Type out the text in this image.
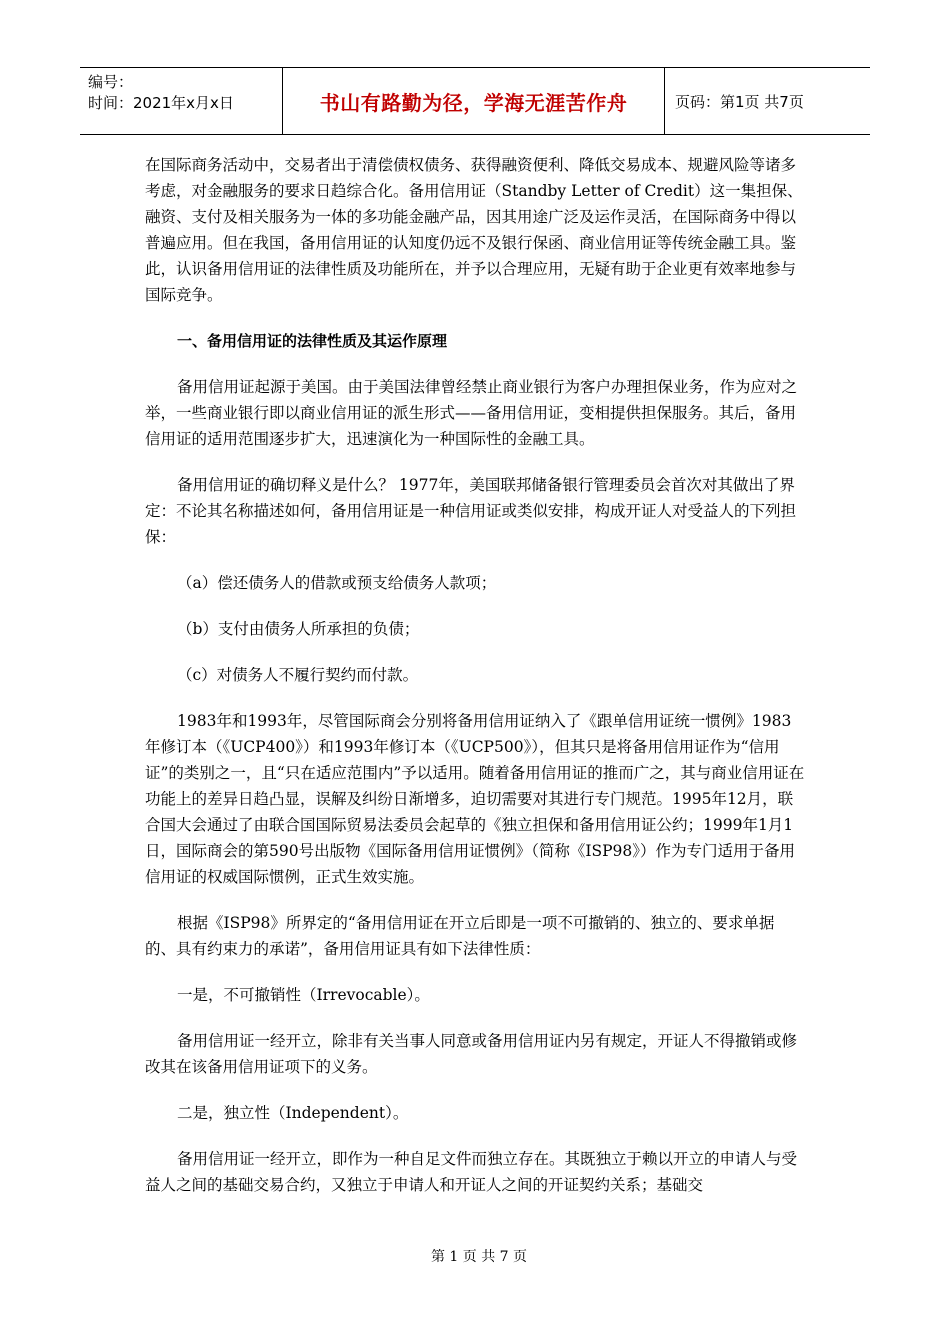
编号：
时间：2021年x月x日	书山有路勤为径，学海无涯苦作舟	页码：第1页 共7页

在国际商务活动中，交易者出于清偿债权债务、获得融资便利、降低交易成本、规避风险等诸多考虑，对金融服务的要求日趋综合化。备用信用证（Standby Letter of Credit）这一集担保、融资、支付及相关服务为一体的多功能金融产品，因其用途广泛及运作灵活，在国际商务中得以普遍应用。但在我国，备用信用证的认知度仍远不及银行保函、商业信用证等传统金融工具。鉴此，认识备用信用证的法律性质及功能所在，并予以合理应用，无疑有助于企业更有效率地参与国际竞争。

一、备用信用证的法律性质及其运作原理

备用信用证起源于美国。由于美国法律曾经禁止商业银行为客户办理担保业务，作为应对之举，一些商业银行即以商业信用证的派生形式——备用信用证，变相提供担保服务。其后，备用信用证的适用范围逐步扩大，迅速演化为一种国际性的金融工具。

备用信用证的确切释义是什么？ 1977年，美国联邦储备银行管理委员会首次对其做出了界定：不论其名称描述如何，备用信用证是一种信用证或类似安排，构成开证人对受益人的下列担保：

（a）偿还债务人的借款或预支给债务人款项；

（b）支付由债务人所承担的负债；

（c）对债务人不履行契约而付款。

1983年和1993年，尽管国际商会分别将备用信用证纳入了《跟单信用证统一惯例》1983年修订本（《UCP400》）和1993年修订本（《UCP500》），但其只是将备用信用证作为“信用证”的类别之一，且“只在适应范围内”予以适用。随着备用信用证的推而广之，其与商业信用证在功能上的差异日趋凸显，误解及纠纷日渐增多，迫切需要对其进行专门规范。1995年12月，联合国大会通过了由联合国国际贸易法委员会起草的《独立担保和备用信用证公约；1999年1月1日，国际商会的第590号出版物《国际备用信用证惯例》（简称《ISP98》）作为专门适用于备用信用证的权威国际惯例，正式生效实施。

根据《ISP98》所界定的“备用信用证在开立后即是一项不可撤销的、独立的、要求单据的、具有约束力的承诺”，备用信用证具有如下法律性质：

一是，不可撤销性（Irrevocable）。

备用信用证一经开立，除非有关当事人同意或备用信用证内另有规定，开证人不得撤销或修改其在该备用信用证项下的义务。

二是，独立性（Independent）。

备用信用证一经开立，即作为一种自足文件而独立存在。其既独立于赖以开立的申请人与受益人之间的基础交易合约，又独立于申请人和开证人之间的开证契约关系；基础交

第 1 页 共 7 页
